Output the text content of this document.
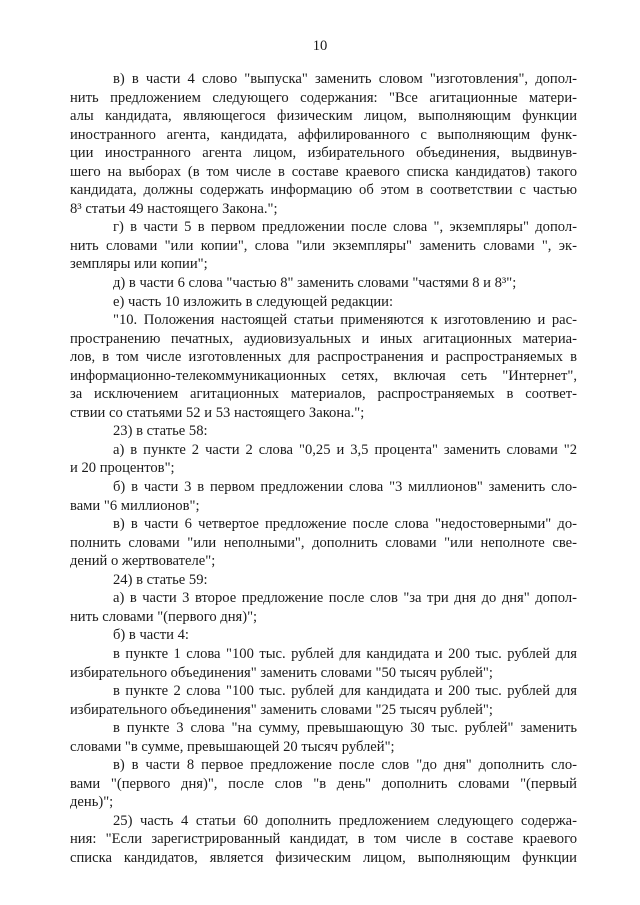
10
в) в части 4 слово "выпуска" заменить словом "изготовления", допол-
нить предложением следующего содержания: "Все агитационные матери-
алы кандидата, являющегося физическим лицом, выполняющим функции
иностранного агента, кандидата, аффилированного с выполняющим функ-
ции иностранного агента лицом, избирательного объединения, выдвинув-
шего на выборах (в том числе в составе краевого списка кандидатов) такого
кандидата, должны содержать информацию об этом в соответствии с частью
8³ статьи 49 настоящего Закона.";
г) в части 5 в первом предложении после слова ", экземпляры" допол-
нить словами "или копии", слова "или экземпляры" заменить словами ", эк-
земпляры или копии";
д) в части 6 слова "частью 8" заменить словами "частями 8 и 8³";
е) часть 10 изложить в следующей редакции:
"10. Положения настоящей статьи применяются к изготовлению и рас-
пространению печатных, аудиовизуальных и иных агитационных материа-
лов, в том числе изготовленных для распространения и распространяемых в
информационно-телекоммуникационных сетях, включая сеть "Интернет",
за исключением агитационных материалов, распространяемых в соответ-
ствии со статьями 52 и 53 настоящего Закона.";
23) в статье 58:
а) в пункте 2 части 2 слова "0,25 и 3,5 процента" заменить словами "2
и 20 процентов";
б) в части 3 в первом предложении слова "3 миллионов" заменить сло-
вами "6 миллионов";
в) в части 6 четвертое предложение после слова "недостоверными" до-
полнить словами "или неполными", дополнить словами "или неполноте све-
дений о жертвователе";
24) в статье 59:
а) в части 3 второе предложение после слов "за три дня до дня" допол-
нить словами "(первого дня)";
б) в части 4:
в пункте 1 слова "100 тыс. рублей для кандидата и 200 тыс. рублей для
избирательного объединения" заменить словами "50 тысяч рублей";
в пункте 2 слова "100 тыс. рублей для кандидата и 200 тыс. рублей для
избирательного объединения" заменить словами "25 тысяч рублей";
в пункте 3 слова "на сумму, превышающую 30 тыс. рублей" заменить
словами "в сумме, превышающей 20 тысяч рублей";
в) в части 8 первое предложение после слов "до дня" дополнить сло-
вами "(первого дня)", после слов "в день" дополнить словами "(первый
день)";
25) часть 4 статьи 60 дополнить предложением следующего содержа-
ния: "Если зарегистрированный кандидат, в том числе в составе краевого
списка кандидатов, является физическим лицом, выполняющим функции
